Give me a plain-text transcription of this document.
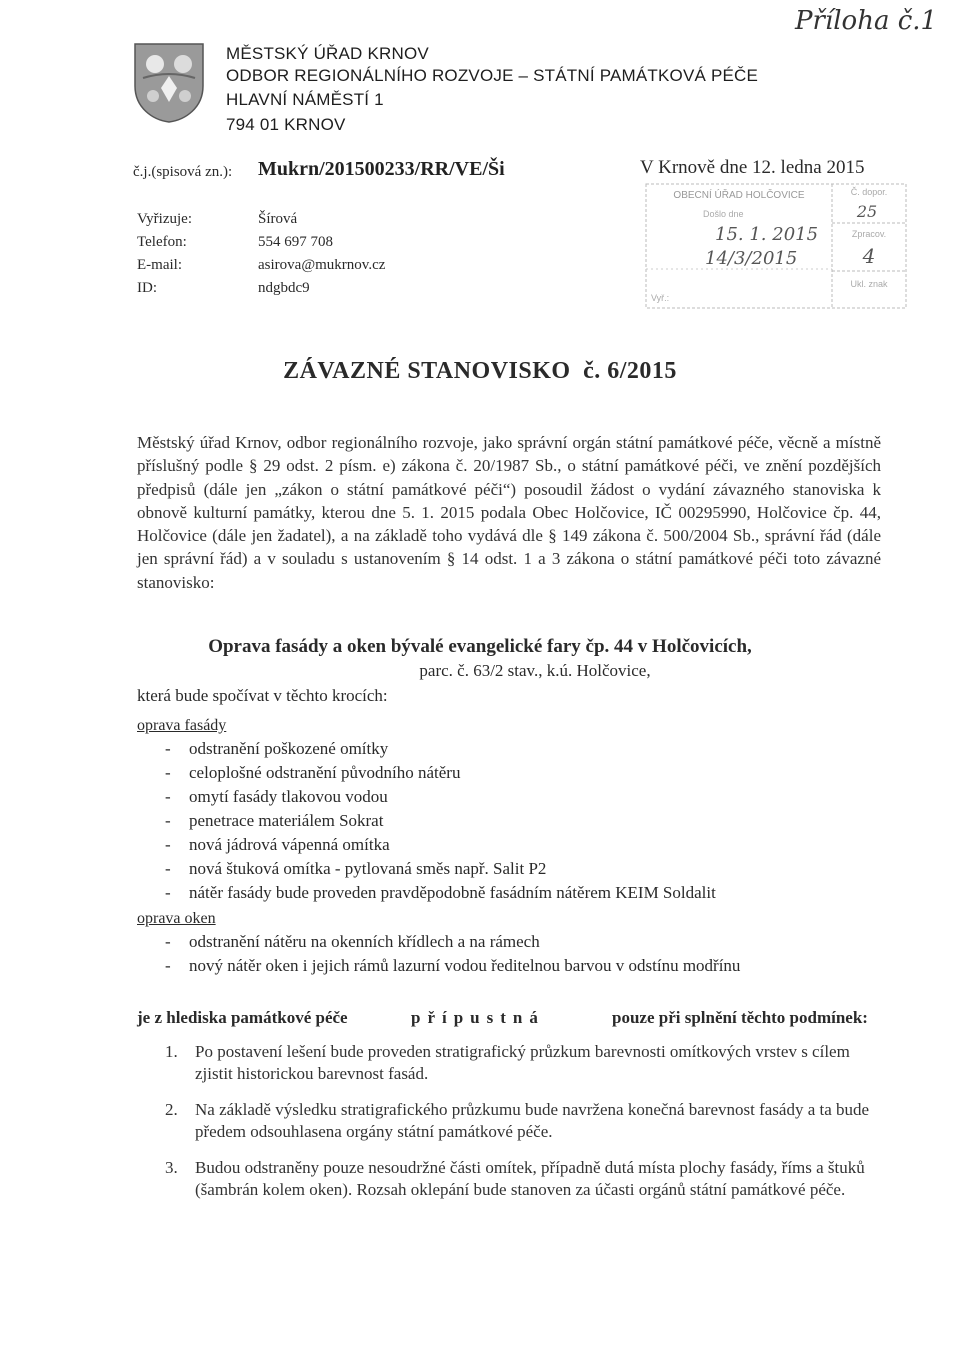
MĚSTSKÝ ÚŘAD KRNOV
ODBOR REGIONÁLNÍHO ROZVOJE – STÁTNÍ PAMÁTKOVÁ PÉČE
HLAVNÍ NÁMĚSTÍ 1
794 01 KRNOV
Příloha č.1
č.j.(spisová zn.): Mukrn/201500233/RR/VE/Ši	V Krnově dne 12. ledna 2015
Vyřizuje:	Šírová
Telefon:	554 697 708
E-mail:	asirova@mukrnov.cz
ID:	ndgbdc9
OBECNÍ ÚŘAD HOLČOVICE
Došlo dne
15. 1. 2015
14/3/2015
Vyř.:
Č. dopor.
25
Zpracov.
4
Ukl. znak
ZÁVAZNÉ STANOVISKO č. 6/2015
Městský úřad Krnov, odbor regionálního rozvoje, jako správní orgán státní památkové péče, věcně a místně příslušný podle § 29 odst. 2 písm. e) zákona č. 20/1987 Sb., o státní památkové péči, ve znění pozdějších předpisů (dále jen „zákon o státní památkové péči“) posoudil žádost o vydání závazného stanoviska k obnově kulturní památky, kterou dne 5. 1. 2015 podala Obec Holčovice, IČ 00295990, Holčovice čp. 44, Holčovice (dále jen žadatel), a na základě toho vydává dle § 149 zákona č. 500/2004 Sb., správní řád (dále jen správní řád) a v souladu s ustanovením § 14 odst. 1 a 3 zákona o státní památkové péči toto závazné stanovisko:
Oprava fasády a oken bývalé evangelické fary čp. 44 v Holčovicích,
parc. č. 63/2 stav., k.ú. Holčovice,
která bude spočívat v těchto krocích:
oprava fasády
- odstranění poškozené omítky
- celoplošné odstranění původního nátěru
- omytí fasády tlakovou vodou
- penetrace materiálem Sokrat
- nová jádrová vápenná omítka
- nová štuková omítka - pytlovaná směs např. Salit P2
- nátěr fasády bude proveden pravděpodobně fasádním nátěrem KEIM Soldalit
oprava oken
- odstranění nátěru na okenních křídlech a na rámech
- nový nátěr oken i jejich rámů lazurní vodou ředitelnou barvou v odstínu modřínu
je z hlediska památkové péče	přípustná	pouze při splnění těchto podmínek:
1. Po postavení lešení bude proveden stratigrafický průzkum barevnosti omítkových vrstev s cílem zjistit historickou barevnost fasád.
2. Na základě výsledku stratigrafického průzkumu bude navržena konečná barevnost fasády a ta bude předem odsouhlasena orgány státní památkové péče.
3. Budou odstraněny pouze nesoudržné části omítek, případně dutá místa plochy fasády, říms a štuků (šambrán kolem oken). Rozsah oklepání bude stanoven za účasti orgánů státní památkové péče.
